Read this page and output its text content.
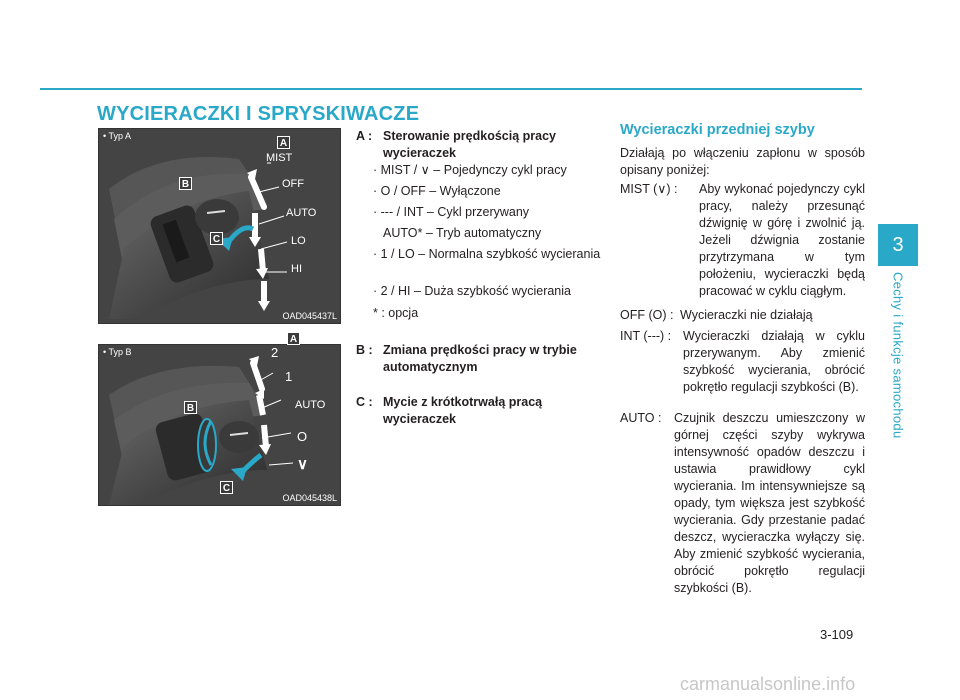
WYCIERACZKI I SPRYSKIWACZE
3
Cechy i funkcje samochodu
• Typ A
A
B
C
MIST
OFF
AUTO
LO
HI
OAD045437L
• Typ B
A
B
C
2
1
AUTO
O
∨
OAD045438L
A : Sterowanie prędkością pracy wycieraczek
· MIST / ∨ – Pojedynczy cykl pracy
· O / OFF – Wyłączone
· --- / INT – Cykl przerywany
AUTO* – Tryb automatyczny
· 1 / LO – Normalna szybkość wycierania
· 2 / HI – Duża szybkość wycierania
* : opcja
B : Zmiana prędkości pracy w trybie automatycznym
C : Mycie z krótkotrwałą pracą wycieraczek
Wycieraczki przedniej szyby
Działają po włączeniu zapłonu w sposób opisany poniżej:
MIST (∨) : Aby wykonać pojedynczy cykl pracy, należy przesunąć dźwignię w górę i zwolnić ją. Jeżeli dźwignia zostanie przytrzymana w tym położeniu, wycieraczki będą pracować w cyklu ciągłym.
OFF (O) : Wycieraczki nie działają
INT (---) : Wycieraczki działają w cyklu przerywanym. Aby zmienić szybkość wycierania, obrócić pokrętło regulacji szybkości (B).
AUTO : Czujnik deszczu umieszczony w górnej części szyby wykrywa intensywność opadów deszczu i ustawia prawidłowy cykl wycierania. Im intensywniejsze są opady, tym większa jest szybkość wycierania. Gdy przestanie padać deszcz, wycieraczka wyłączy się. Aby zmienić szybkość wycierania, obrócić pokrętło regulacji szybkości (B).
3-109
carmanualsonline.info
